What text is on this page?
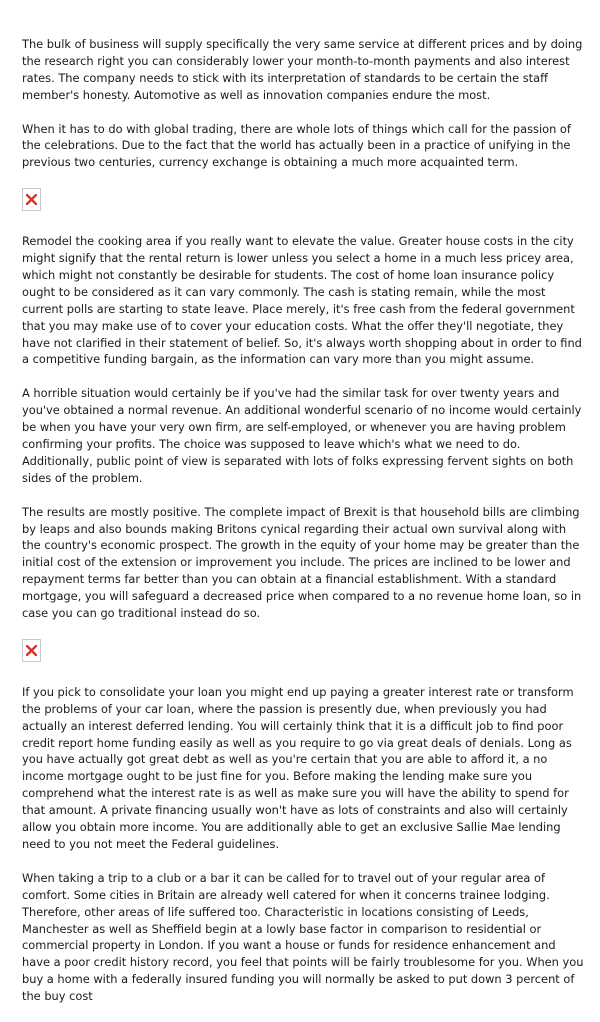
The bulk of business will supply specifically the very same service at different prices and by doing the research right you can considerably lower your month-to-month payments and also interest rates. The company needs to stick with its interpretation of standards to be certain the staff member's honesty. Automotive as well as innovation companies endure the most.

When it has to do with global trading, there are whole lots of things which call for the passion of the celebrations. Due to the fact that the world has actually been in a practice of unifying in the previous two centuries, currency exchange is obtaining a much more acquainted term.

Remodel the cooking area if you really want to elevate the value. Greater house costs in the city might signify that the rental return is lower unless you select a home in a much less pricey area, which might not constantly be desirable for students. The cost of home loan insurance policy ought to be considered as it can vary commonly. The cash is stating remain, while the most current polls are starting to state leave. Place merely, it's free cash from the federal government that you may make use of to cover your education costs. What the offer they'll negotiate, they have not clarified in their statement of belief. So, it's always worth shopping about in order to find a competitive funding bargain, as the information can vary more than you might assume.

A horrible situation would certainly be if you've had the similar task for over twenty years and you've obtained a normal revenue. An additional wonderful scenario of no income would certainly be when you have your very own firm, are self-employed, or whenever you are having problem confirming your profits. The choice was supposed to leave which's what we need to do. Additionally, public point of view is separated with lots of folks expressing fervent sights on both sides of the problem.

The results are mostly positive. The complete impact of Brexit is that household bills are climbing by leaps and also bounds making Britons cynical regarding their actual own survival along with the country's economic prospect. The growth in the equity of your home may be greater than the initial cost of the extension or improvement you include. The prices are inclined to be lower and repayment terms far better than you can obtain at a financial establishment. With a standard mortgage, you will safeguard a decreased price when compared to a no revenue home loan, so in case you can go traditional instead do so.

If you pick to consolidate your loan you might end up paying a greater interest rate or transform the problems of your car loan, where the passion is presently due, when previously you had actually an interest deferred lending. You will certainly think that it is a difficult job to find poor credit report home funding easily as well as you require to go via great deals of denials. Long as you have actually got great debt as well as you're certain that you are able to afford it, a no income mortgage ought to be just fine for you. Before making the lending make sure you comprehend what the interest rate is as well as make sure you will have the ability to spend for that amount. A private financing usually won't have as lots of constraints and also will certainly allow you obtain more income. You are additionally able to get an exclusive Sallie Mae lending need to you not meet the Federal guidelines.

When taking a trip to a club or a bar it can be called for to travel out of your regular area of comfort. Some cities in Britain are already well catered for when it concerns trainee lodging. Therefore, other areas of life suffered too. Characteristic in locations consisting of Leeds, Manchester as well as Sheffield begin at a lowly base factor in comparison to residential or commercial property in London. If you want a house or funds for residence enhancement and have a poor credit history record, you feel that points will be fairly troublesome for you. When you buy a home with a federally insured funding you will normally be asked to put down 3 percent of the buy cost
